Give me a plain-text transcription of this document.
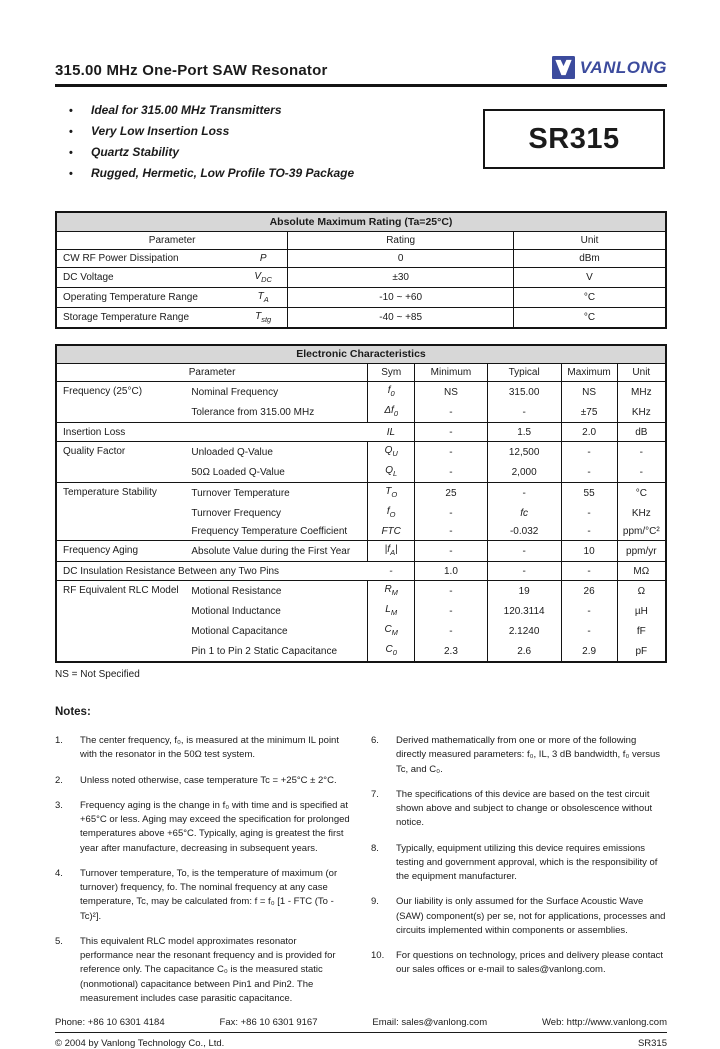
315.00 MHz One-Port SAW Resonator	VANLONG
•	Ideal for 315.00 MHz Transmitters
•	Very Low Insertion Loss
•	Quartz Stability
•	Rugged, Hermetic, Low Profile TO-39 Package
SR315
Absolute Maximum Rating (Ta=25°C)			
Parameter		Rating	Unit
CW RF Power Dissipation	P	0	dBm
DC Voltage	$V_{DC}$	±30	V
Operating Temperature Range	$T_A$	-10 ~ +60	°C
Storage Temperature Range	$T_{stg}$	-40 ~ +85	°C
Electronic Characteristics						
Parameter		Sym	Minimum	Typical	Maximum	Unit
Frequency (25°C)	Nominal Frequency	$f_0$	NS	315.00	NS	MHz
	Tolerance from 315.00 MHz	$\Delta f_0$	-	-	±75	KHz
Insertion Loss		IL	-	1.5	2.0	dB
Quality Factor	Unloaded Q-Value	$Q_U$	-	12,500	-	-
	50Ω Loaded Q-Value	$Q_L$	-	2,000	-	-
Temperature Stability	Turnover Temperature	$T_O$	25	-	55	°C
	Turnover Frequency	$f_O$	-	fc	-	KHz
	Frequency Temperature Coefficient	FTC	-	-0.032	-	ppm/°C²
Frequency Aging	Absolute Value during the First Year	$|f_A|$	-	-	10	ppm/yr
DC Insulation Resistance Between any Two Pins		-	1.0	-	-	MΩ
RF Equivalent RLC Model	Motional Resistance	$R_M$	-	19	26	Ω
	Motional Inductance	$L_M$	-	120.3114	-	µH
	Motional Capacitance	$C_M$	-	2.1240	-	fF
	Pin 1 to Pin 2 Static Capacitance	$C_0$	2.3	2.6	2.9	pF
NS = Not Specified
Notes:
1.	The center frequency, f₀, is measured at the minimum IL point with the resonator in the 50Ω test system.
2.	Unless noted otherwise, case temperature Tc = +25°C ± 2°C.
3.	Frequency aging is the change in f₀ with time and is specified at +65°C or less. Aging may exceed the specification for prolonged temperatures above +65°C. Typically, aging is greatest the first year after manufacture, decreasing in subsequent years.
4.	Turnover temperature, To, is the temperature of maximum (or turnover) frequency, fo. The nominal frequency at any case temperature, Tc, may be calculated from: f = f₀ [1 - FTC (To - Tc)²].
5.	This equivalent RLC model approximates resonator performance near the resonant frequency and is provided for reference only. The capacitance C₀ is the measured static (nonmotional) capacitance between Pin1 and Pin2. The measurement includes case parasitic capacitance.
6.	Derived mathematically from one or more of the following directly measured parameters: f₀, IL, 3 dB bandwidth, f₀ versus Tc, and C₀.
7.	The specifications of this device are based on the test circuit shown above and subject to change or obsolescence without notice.
8.	Typically, equipment utilizing this device requires emissions testing and government approval, which is the responsibility of the equipment manufacturer.
9.	Our liability is only assumed for the Surface Acoustic Wave (SAW) component(s) per se, not for applications, processes and circuits implemented within components or assemblies.
10.	For questions on technology, prices and delivery please contact our sales offices or e-mail to sales@vanlong.com.
Phone: +86 10 6301 4184	Fax: +86 10 6301 9167	Email: sales@vanlong.com	Web: http://www.vanlong.com
© 2004 by Vanlong Technology Co., Ltd.	SR315
